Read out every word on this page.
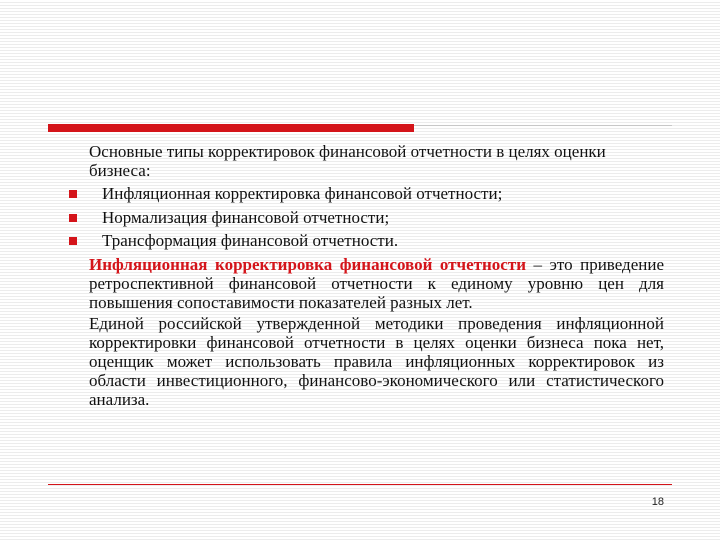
Основные типы корректировок финансовой отчетности в целях оценки бизнеса:

Инфляционная корректировка финансовой отчетности;
Нормализация финансовой отчетности;
Трансформация финансовой отчетности.

Инфляционная корректировка финансовой отчетности – это приведение ретроспективной финансовой отчетности к единому уровню цен для повышения сопоставимости показателей разных лет.

Единой российской утвержденной методики проведения инфляционной корректировки финансовой отчетности в целях оценки бизнеса пока нет, оценщик может использовать правила инфляционных корректировок из области инвестиционного, финансово-экономического или статистического анализа.

18
